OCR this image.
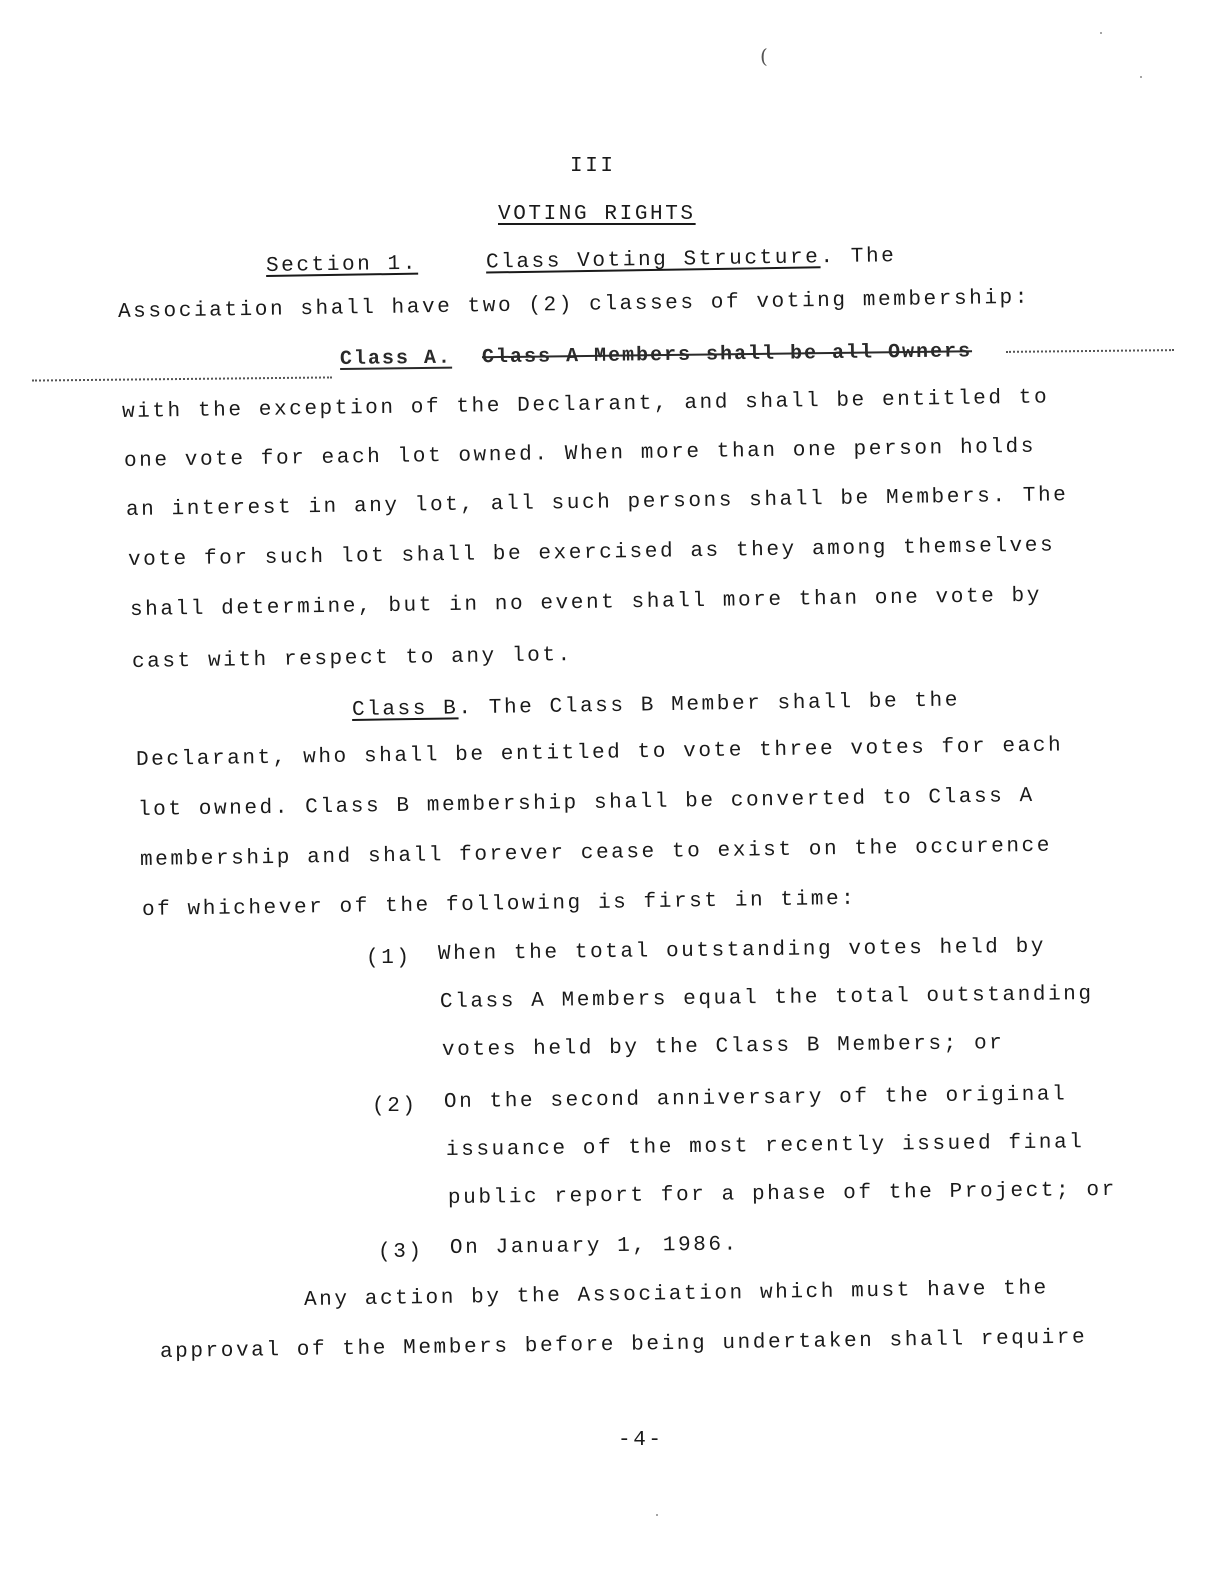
(
III
VOTING RIGHTS
Section 1.	Class Voting Structure. The
Association shall have two (2) classes of voting membership:
Class A. Class A Members shall be all Owners
with the exception of the Declarant, and shall be entitled to
one vote for each lot owned. When more than one person holds
an interest in any lot, all such persons shall be Members. The
vote for such lot shall be exercised as they among themselves
shall determine, but in no event shall more than one vote by
cast with respect to any lot.
Class B. The Class B Member shall be the
Declarant, who shall be entitled to vote three votes for each
lot owned. Class B membership shall be converted to Class A
membership and shall forever cease to exist on the occurence
of whichever of the following is first in time:
(1) When the total outstanding votes held by
Class A Members equal the total outstanding
votes held by the Class B Members; or
(2) On the second anniversary of the original
issuance of the most recently issued final
public report for a phase of the Project; or
(3) On January 1, 1986.
Any action by the Association which must have the
approval of the Members before being undertaken shall require
-4-
